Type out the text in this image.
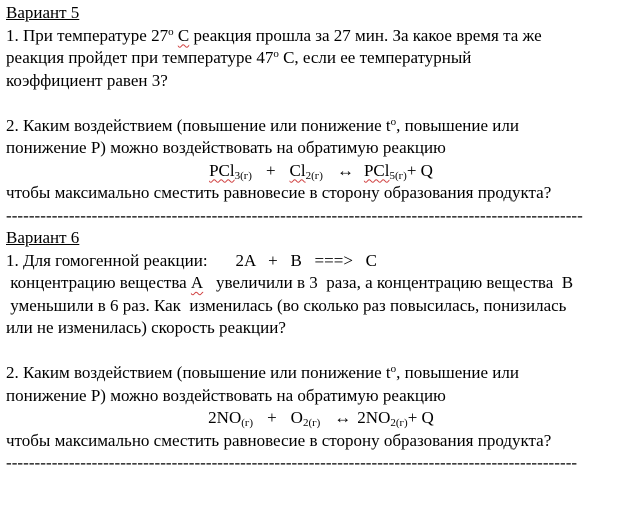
Вариант 5
1. При температуре 27$^o$ С реакция прошла за 27 мин. За какое время та же
реакция пройдет при температуре 47$^o$ С, если ее температурный
коэффициент равен 3?
2. Каким воздействием (повышение или понижение $t^o$, повышение или
понижение Р) можно воздействовать на обратимую реакцию
$PCl_{3(г)} + Cl_{2(г)}$ ↔ PCl$_{5(г)}$+ Q
чтобы максимально сместить равновесие в сторону образования продукта?
-----------------------------------------------------------------------------------------------------
Вариант 6
1. Для гомогенной реакции: 2A   +   B   ===>   C
концентрацию вещества А   увеличили в 3  раза, а концентрацию вещества  В
уменьшили в 6 раз. Как  изменилась (во сколько раз повысилась, понизилась
или не изменилась) скорость реакции?
2. Каким воздействием (повышение или понижение $t^o$, повышение или
понижение Р) можно воздействовать на обратимую реакцию
$2NO_{(г)} + O_{2(г)}$ ↔ $2NO_{2(г)}+ Q$
чтобы максимально сместить равновесие в сторону образования продукта?
----------------------------------------------------------------------------------------------------
